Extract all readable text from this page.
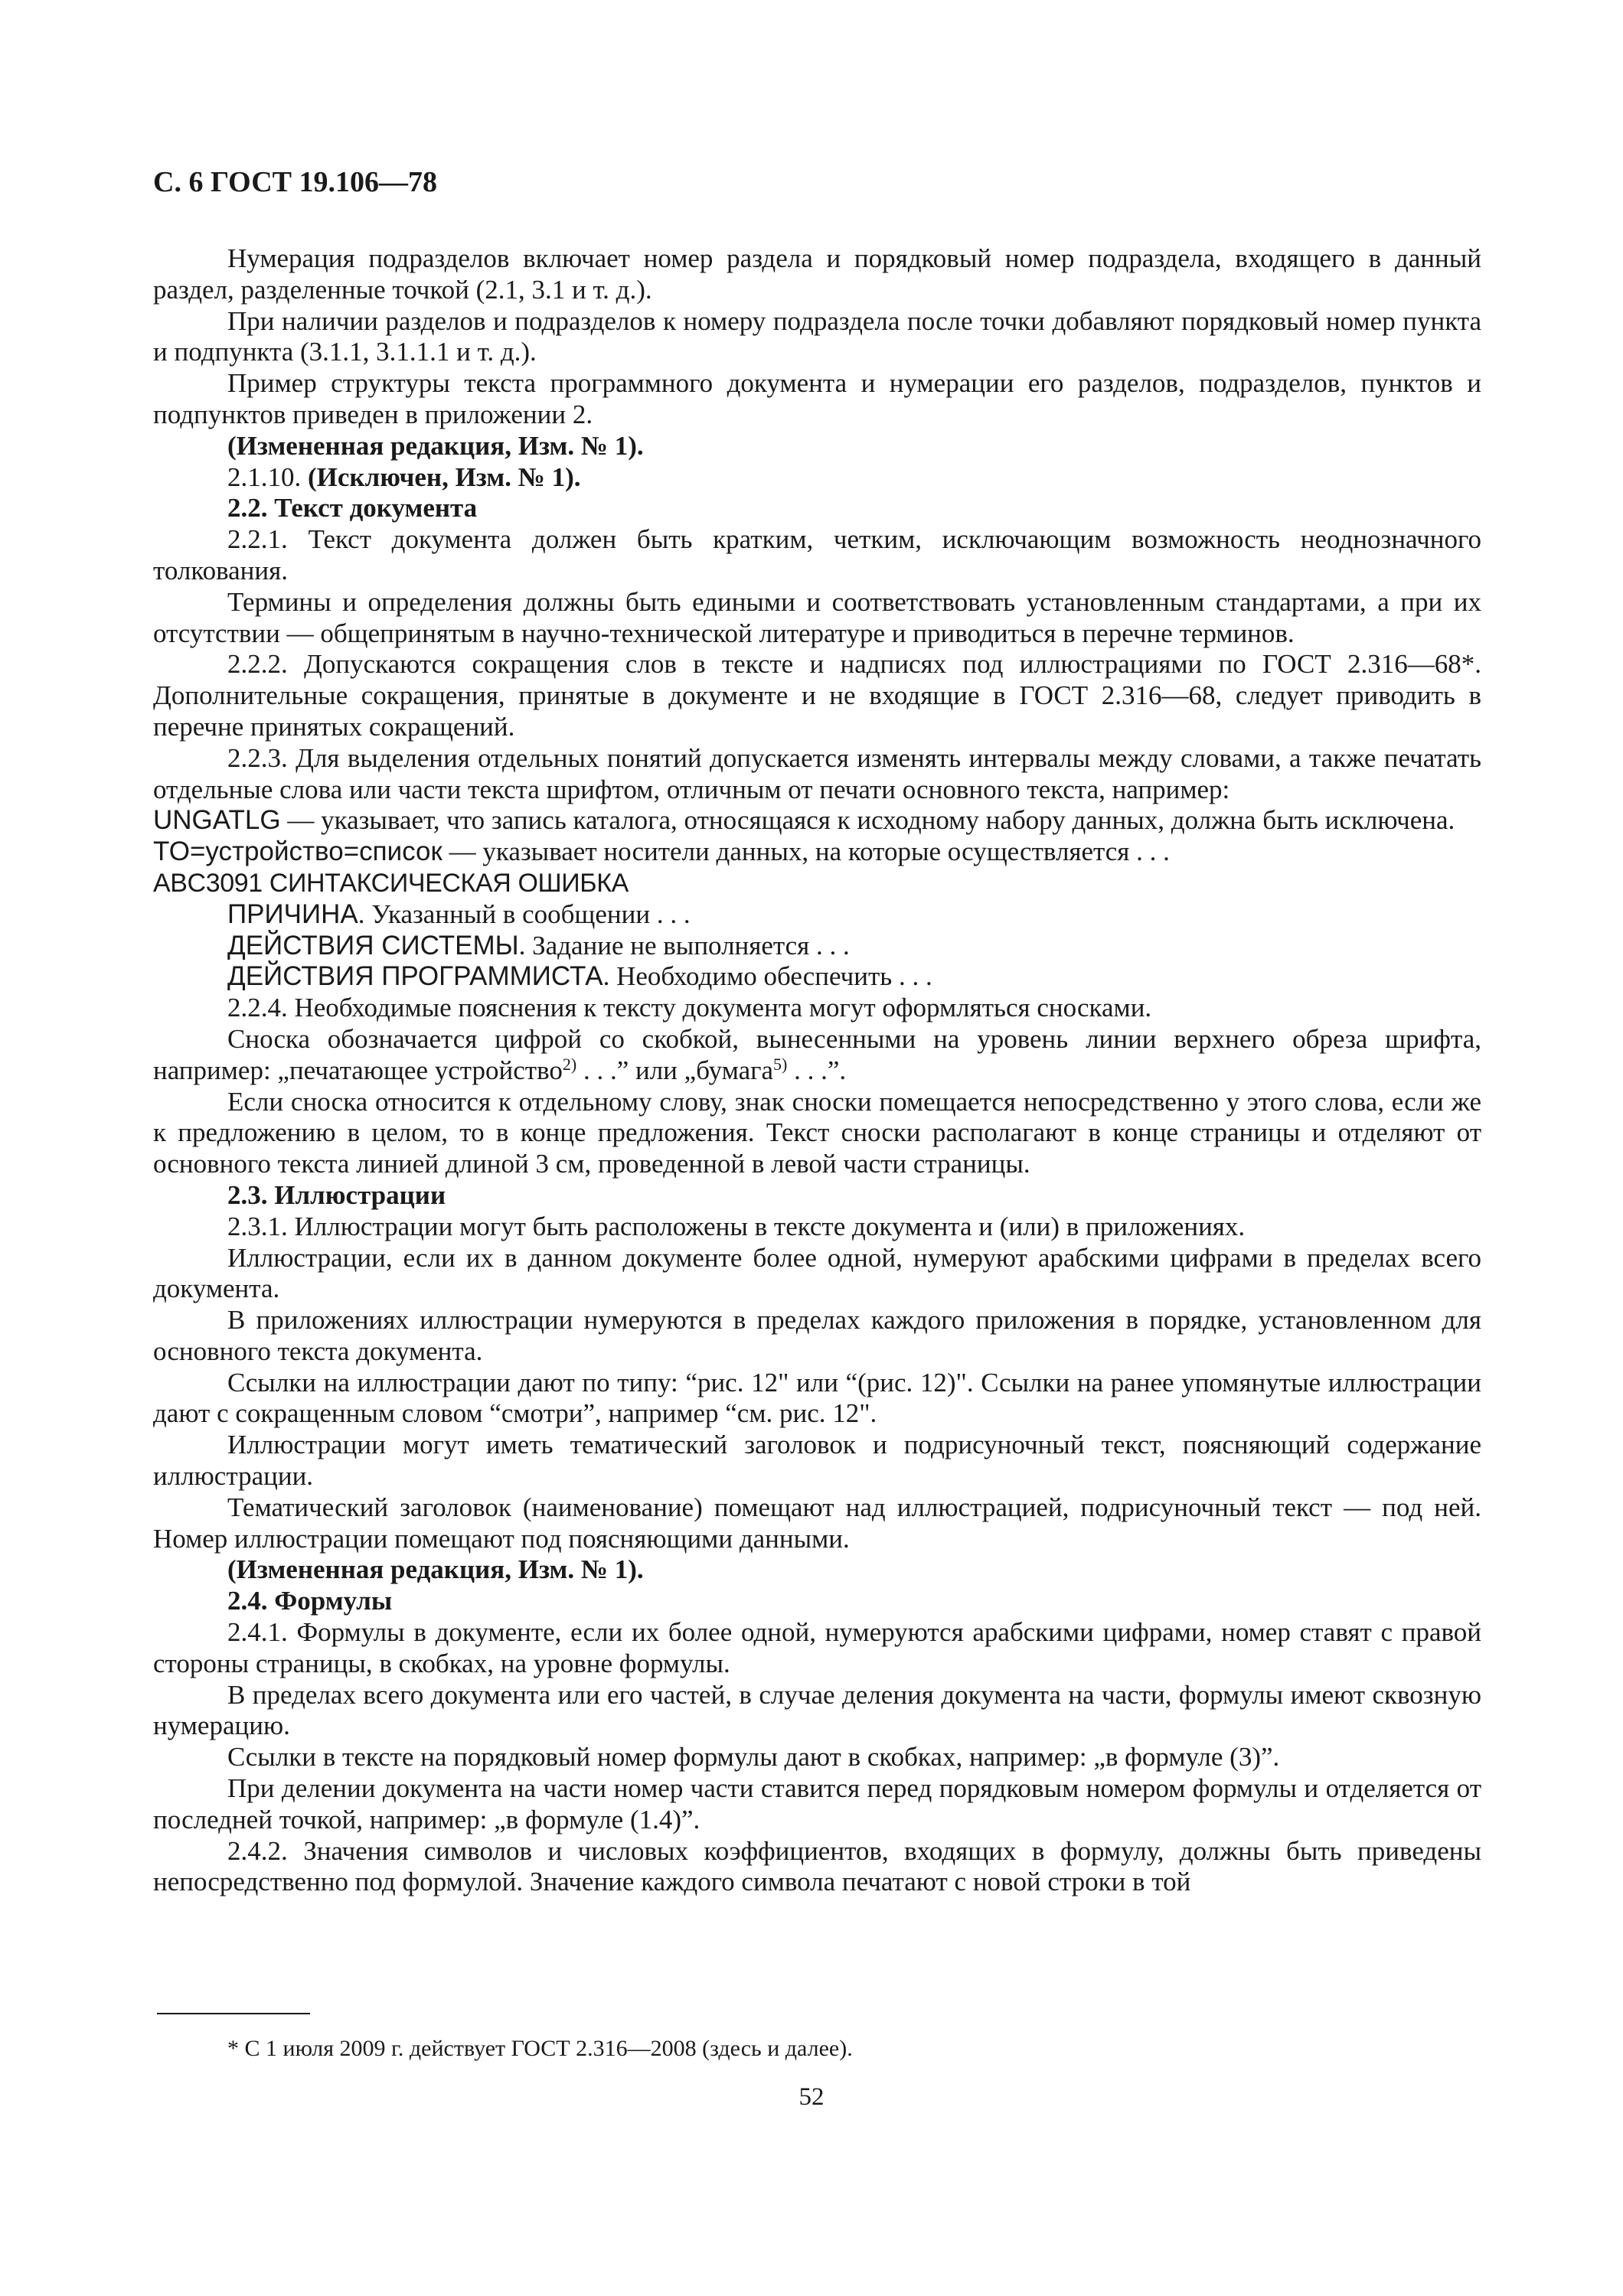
С. 6 ГОСТ 19.106—78

Нумерация подразделов включает номер раздела и порядковый номер подраздела, входящего в данный раздел, разделенные точкой (2.1, 3.1 и т. д.).

При наличии разделов и подразделов к номеру подраздела после точки добавляют порядковый номер пункта и подпункта (3.1.1, 3.1.1.1 и т. д.).

Пример структуры текста программного документа и нумерации его разделов, подразделов, пунктов и подпунктов приведен в приложении 2.

(Измененная редакция, Изм. № 1).

2.1.10. (Исключен, Изм. № 1).

2.2. Текст документа

2.2.1. Текст документа должен быть кратким, четким, исключающим возможность неоднозначного толкования.

Термины и определения должны быть едиными и соответствовать установленным стандартами, а при их отсутствии — общепринятым в научно-технической литературе и приводиться в перечне терминов.

2.2.2. Допускаются сокращения слов в тексте и надписях под иллюстрациями по ГОСТ 2.316—68*. Дополнительные сокращения, принятые в документе и не входящие в ГОСТ 2.316—68, следует приводить в перечне принятых сокращений.

2.2.3. Для выделения отдельных понятий допускается изменять интервалы между словами, а также печатать отдельные слова или части текста шрифтом, отличным от печати основного текста, например:

UNGATLG — указывает, что запись каталога, относящаяся к исходному набору данных, должна быть исключена.

TO=устройство=список — указывает носители данных, на которые осуществляется . . .

ABC3091 СИНТАКСИЧЕСКАЯ ОШИБКА

ПРИЧИНА. Указанный в сообщении . . .

ДЕЙСТВИЯ СИСТЕМЫ. Задание не выполняется . . .

ДЕЙСТВИЯ ПРОГРАММИСТА. Необходимо обеспечить . . .

2.2.4. Необходимые пояснения к тексту документа могут оформляться сносками.

Сноска обозначается цифрой со скобкой, вынесенными на уровень линии верхнего обреза шрифта, например: „печатающее устройство$^{2)}$ . . .” или „бумага$^{5)}$ . . .”.

Если сноска относится к отдельному слову, знак сноски помещается непосредственно у этого слова, если же к предложению в целом, то в конце предложения. Текст сноски располагают в конце страницы и отделяют от основного текста линией длиной 3 см, проведенной в левой части страницы.

2.3. Иллюстрации

2.3.1. Иллюстрации могут быть расположены в тексте документа и (или) в приложениях.

Иллюстрации, если их в данном документе более одной, нумеруют арабскими цифрами в пределах всего документа.

В приложениях иллюстрации нумеруются в пределах каждого приложения в порядке, установленном для основного текста документа.

Ссылки на иллюстрации дают по типу: “рис. 12" или “(рис. 12)". Ссылки на ранее упомянутые иллюстрации дают с сокращенным словом “смотри”, например “см. рис. 12".

Иллюстрации могут иметь тематический заголовок и подрисуночный текст, поясняющий содержание иллюстрации.

Тематический заголовок (наименование) помещают над иллюстрацией, подрисуночный текст — под ней. Номер иллюстрации помещают под поясняющими данными.

(Измененная редакция, Изм. № 1).

2.4. Формулы

2.4.1. Формулы в документе, если их более одной, нумеруются арабскими цифрами, номер ставят с правой стороны страницы, в скобках, на уровне формулы.

В пределах всего документа или его частей, в случае деления документа на части, формулы имеют сквозную нумерацию.

Ссылки в тексте на порядковый номер формулы дают в скобках, например: „в формуле (3)”.

При делении документа на части номер части ставится перед порядковым номером формулы и отделяется от последней точкой, например: „в формуле (1.4)”.

2.4.2. Значения символов и числовых коэффициентов, входящих в формулу, должны быть приведены непосредственно под формулой. Значение каждого символа печатают с новой строки в той

* С 1 июля 2009 г. действует ГОСТ 2.316—2008 (здесь и далее).

52
